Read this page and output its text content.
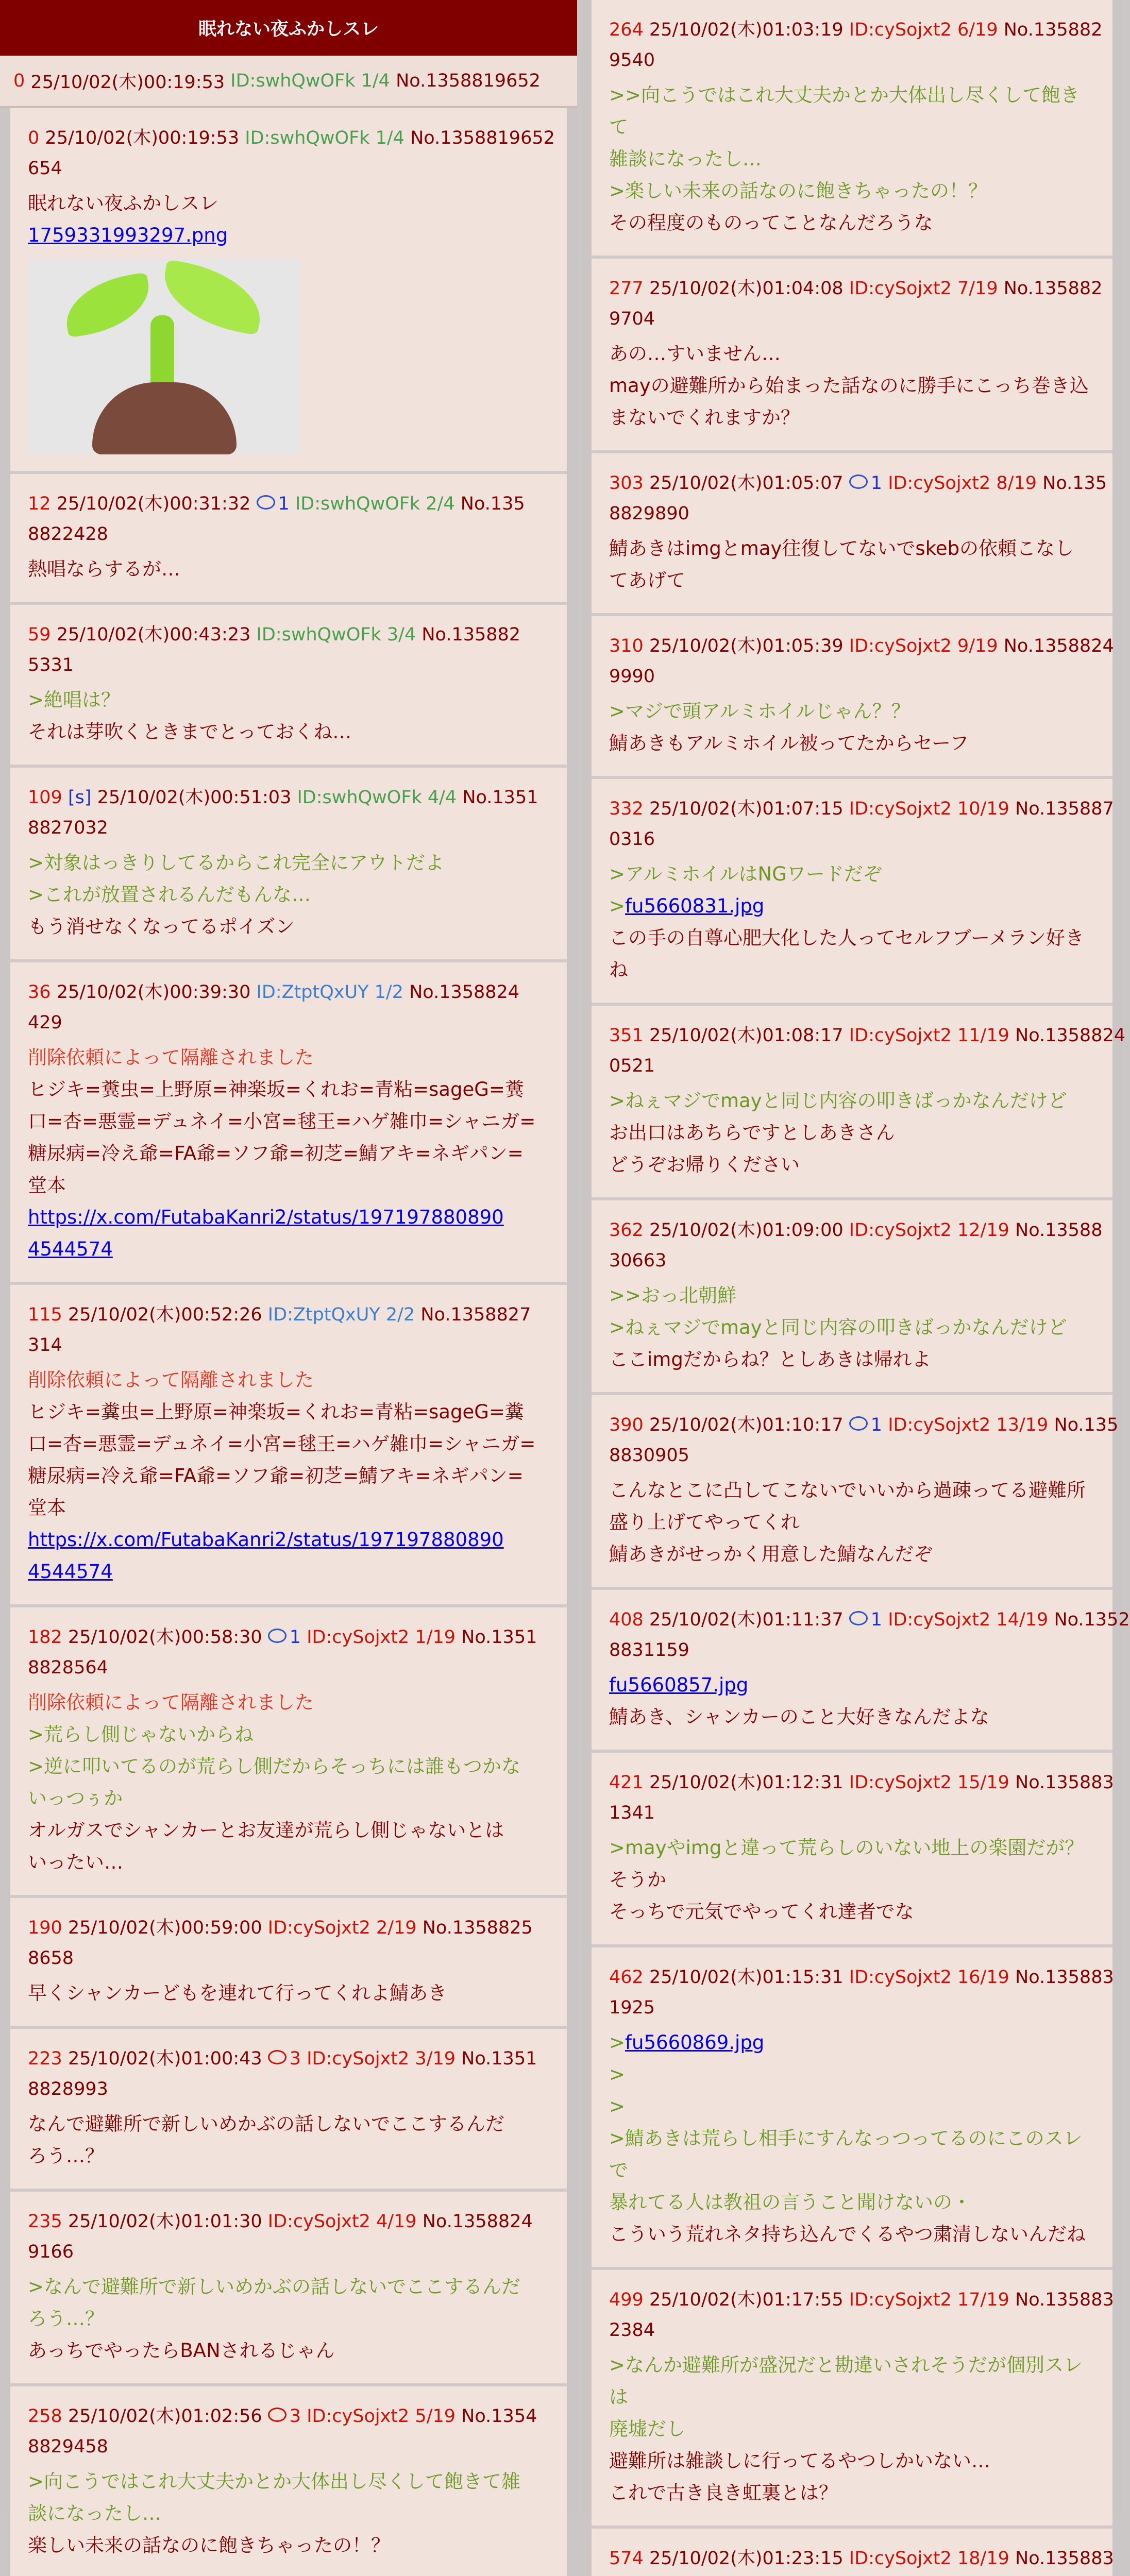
眠れない夜ふかしスレ
0
25/10/02(木)00:19:53
ID:swhQwOFk 1/4
No.1358819652
0 25/10/02(木)00:19:53 ID:swhQwOFk 1/4 No.1358819652
654
眠れない夜ふかしスレ
1759331993297.png
12 25/10/02(木)00:31:32 1 ID:swhQwOFk 2/4 No.135
8822428
熱唱ならするが…
59 25/10/02(木)00:43:23 ID:swhQwOFk 3/4 No.135882
5331
>絶唱は？
それは芽吹くときまでとっておくね…
109 [s] 25/10/02(木)00:51:03 ID:swhQwOFk 4/4 No.1351
8827032
>対象はっきりしてるからこれ完全にアウトだよ
>これが放置されるんだもんな…
もう消せなくなってるポイズン
36 25/10/02(木)00:39:30 ID:ZtptQxUY 1/2 No.1358824
429
削除依頼によって隔離されました
ヒジキ=糞虫=上野原=神楽坂=くれお=青粘=sageG=糞
口=杏=悪霊=デュネイ=小宮=毬王=ハゲ雑巾=シャニガ=
糖尿病=冷え爺=FA爺=ソフ爺=初芝=鯖アキ=ネギパン=
堂本
https://x.com/FutabaKanri2/status/197197880890
4544574
115 25/10/02(木)00:52:26 ID:ZtptQxUY 2/2 No.1358827
314
削除依頼によって隔離されました
ヒジキ=糞虫=上野原=神楽坂=くれお=青粘=sageG=糞
口=杏=悪霊=デュネイ=小宮=毬王=ハゲ雑巾=シャニガ=
糖尿病=冷え爺=FA爺=ソフ爺=初芝=鯖アキ=ネギパン=
堂本
https://x.com/FutabaKanri2/status/197197880890
4544574
182 25/10/02(木)00:58:30 1 ID:cySojxt2 1/19 No.1351
8828564
削除依頼によって隔離されました
>荒らし側じゃないからね
>逆に叩いてるのが荒らし側だからそっちには誰もつかな
いっつぅか
オルガスでシャンカーとお友達が荒らし側じゃないとは
いったい…
190 25/10/02(木)00:59:00 ID:cySojxt2 2/19 No.1358825
8658
早くシャンカーどもを連れて行ってくれよ鯖あき
223 25/10/02(木)01:00:43 3 ID:cySojxt2 3/19 No.1351
8828993
なんで避難所で新しいめかぶの話しないでここするんだ
ろう…？
235 25/10/02(木)01:01:30 ID:cySojxt2 4/19 No.1358824
9166
>なんで避難所で新しいめかぶの話しないでここするんだ
ろう…？
あっちでやったらBANされるじゃん
258 25/10/02(木)01:02:56 3 ID:cySojxt2 5/19 No.1354
8829458
>向こうではこれ大丈夫かとか大体出し尽くして飽きて雑
談になったし…
楽しい未来の話なのに飽きちゃったの！？
264 25/10/02(木)01:03:19 ID:cySojxt2 6/19 No.135882
9540
>>向こうではこれ大丈夫かとか大体出し尽くして飽きて
雑談になったし…
>楽しい未来の話なのに飽きちゃったの！？
その程度のものってことなんだろうな
277 25/10/02(木)01:04:08 ID:cySojxt2 7/19 No.135882
9704
あの…すいません…
mayの避難所から始まった話なのに勝手にこっち巻き込
まないでくれますか？
303 25/10/02(木)01:05:07 1 ID:cySojxt2 8/19 No.135
8829890
鯖あきはimgとmay往復してないでskebの依頼こなし
てあげて
310 25/10/02(木)01:05:39 ID:cySojxt2 9/19 No.1358824
9990
>マジで頭アルミホイルじゃん？？
鯖あきもアルミホイル被ってたからセーフ
332 25/10/02(木)01:07:15 ID:cySojxt2 10/19 No.135887
0316
>アルミホイルはNGワードだぞ
>fu5660831.jpg
この手の自尊心肥大化した人ってセルフブーメラン好き
ね
351 25/10/02(木)01:08:17 ID:cySojxt2 11/19 No.1358824
0521
>ねぇマジでmayと同じ内容の叩きばっかなんだけど
お出口はあちらですとしあきさん
どうぞお帰りください
362 25/10/02(木)01:09:00 ID:cySojxt2 12/19 No.13588
30663
>>おっ北朝鮮
>ねぇマジでmayと同じ内容の叩きばっかなんだけど
ここimgだからね？としあきは帰れよ
390 25/10/02(木)01:10:17 1 ID:cySojxt2 13/19 No.135
8830905
こんなとこに凸してこないでいいから過疎ってる避難所
盛り上げてやってくれ
鯖あきがせっかく用意した鯖なんだぞ
408 25/10/02(木)01:11:37 1 ID:cySojxt2 14/19 No.1352
8831159
fu5660857.jpg
鯖あき、シャンカーのこと大好きなんだよな
421 25/10/02(木)01:12:31 ID:cySojxt2 15/19 No.135883
1341
>mayやimgと違って荒らしのいない地上の楽園だが？
そうか
そっちで元気でやってくれ達者でな
462 25/10/02(木)01:15:31 ID:cySojxt2 16/19 No.135883
1925
>fu5660869.jpg
>
>
>鯖あきは荒らし相手にすんなっつってるのにこのスレで
暴れてる人は教祖の言うこと聞けないの・
こういう荒れネタ持ち込んでくるやつ粛清しないんだね
499 25/10/02(木)01:17:55 ID:cySojxt2 17/19 No.135883
2384
>なんか避難所が盛況だと勘違いされそうだが個別スレは
廃墟だし
避難所は雑談しに行ってるやつしかいない…
これで古き良き虹裏とは？
574 25/10/02(木)01:23:15 ID:cySojxt2 18/19 No.135883
